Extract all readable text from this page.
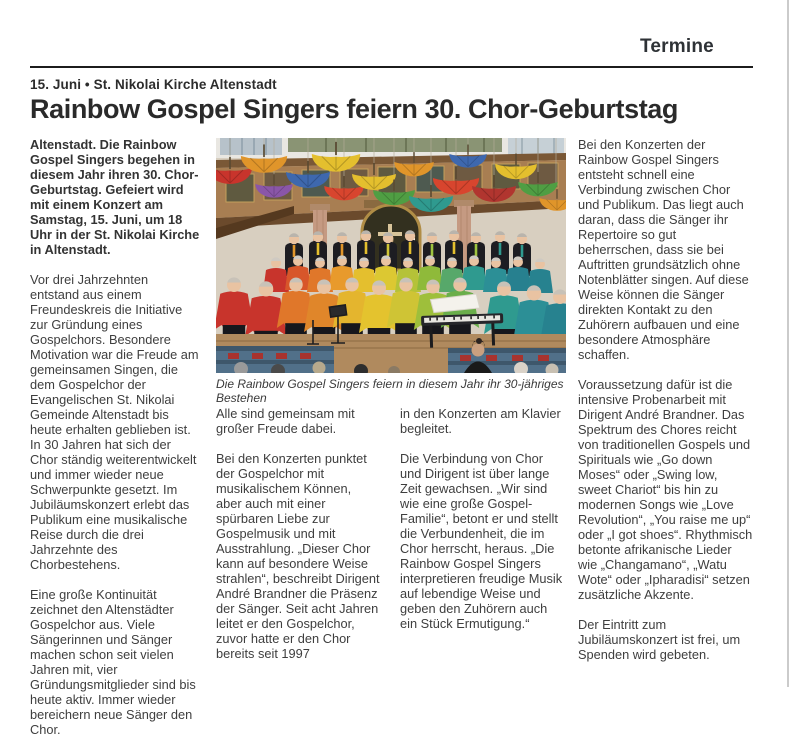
Termine
15. Juni • St. Nikolai Kirche Altenstadt
Rainbow Gospel Singers feiern 30. Chor-Geburtstag

Altenstadt. Die Rainbow Gospel Singers begehen in diesem Jahr ihren 30. Chor-Geburtstag. Gefeiert wird mit einem Konzert am Samstag, 15. Juni, um 18 Uhr in der St. Nikolai Kirche in Altenstadt.

Vor drei Jahrzehnten entstand aus einem Freundeskreis die Initiative zur Gründung eines Gospelchors. Besondere Motivation war die Freude am gemeinsamen Singen, die dem Gospelchor der Evangelischen St. Nikolai Gemeinde Altenstadt bis heute erhalten geblieben ist. In 30 Jahren hat sich der Chor ständig weiterentwickelt und immer wieder neue Schwerpunkte gesetzt. Im Jubiläumskonzert erlebt das Publikum eine musikalische Reise durch die drei Jahrzehnte des Chorbestehens.

Eine große Kontinuität zeichnet den Altenstädter Gospelchor aus. Viele Sängerinnen und Sänger machen schon seit vielen Jahren mit, vier Gründungsmitglieder sind bis heute aktiv. Immer wieder bereichern neue Sänger den Chor.

Die Rainbow Gospel Singers feiern in diesem Jahr ihr 30-jähriges Bestehen

Alle sind gemeinsam mit großer Freude dabei.

Bei den Konzerten punktet der Gospelchor mit musikalischem Können, aber auch mit einer spürbaren Liebe zur Gospelmusik und mit Ausstrahlung. „Dieser Chor kann auf besondere Weise strahlen“, beschreibt Dirigent André Brandner die Präsenz der Sänger. Seit acht Jahren leitet er den Gospelchor, zuvor hatte er den Chor bereits seit 1997

in den Konzerten am Klavier begleitet.

Die Verbindung von Chor und Dirigent ist über lange Zeit gewachsen. „Wir sind wie eine große Gospel-Familie“, betont er und stellt die Verbundenheit, die im Chor herrscht, heraus. „Die Rainbow Gospel Singers interpretieren freudige Musik auf lebendige Weise und geben den Zuhörern auch ein Stück Ermutigung.“

Bei den Konzerten der Rainbow Gospel Singers entsteht schnell eine Verbindung zwischen Chor und Publikum. Das liegt auch daran, dass die Sänger ihr Repertoire so gut beherrschen, dass sie bei Auftritten grundsätzlich ohne Notenblätter singen. Auf diese Weise können die Sänger direkten Kontakt zu den Zuhörern aufbauen und eine besondere Atmosphäre schaffen.

Voraussetzung dafür ist die intensive Probenarbeit mit Dirigent André Brandner. Das Spektrum des Chores reicht von traditionellen Gospels und Spirituals wie „Go down Moses“ oder „Swing low, sweet Chariot“ bis hin zu modernen Songs wie „Love Revolution“, „You raise me up“ oder „I got shoes“. Rhythmisch betonte afrikanische Lieder wie „Changamano“, „Watu Wote“ oder „Ipharadisi“ setzen zusätzliche Akzente.

Der Eintritt zum Jubiläumskonzert ist frei, um Spenden wird gebeten.
